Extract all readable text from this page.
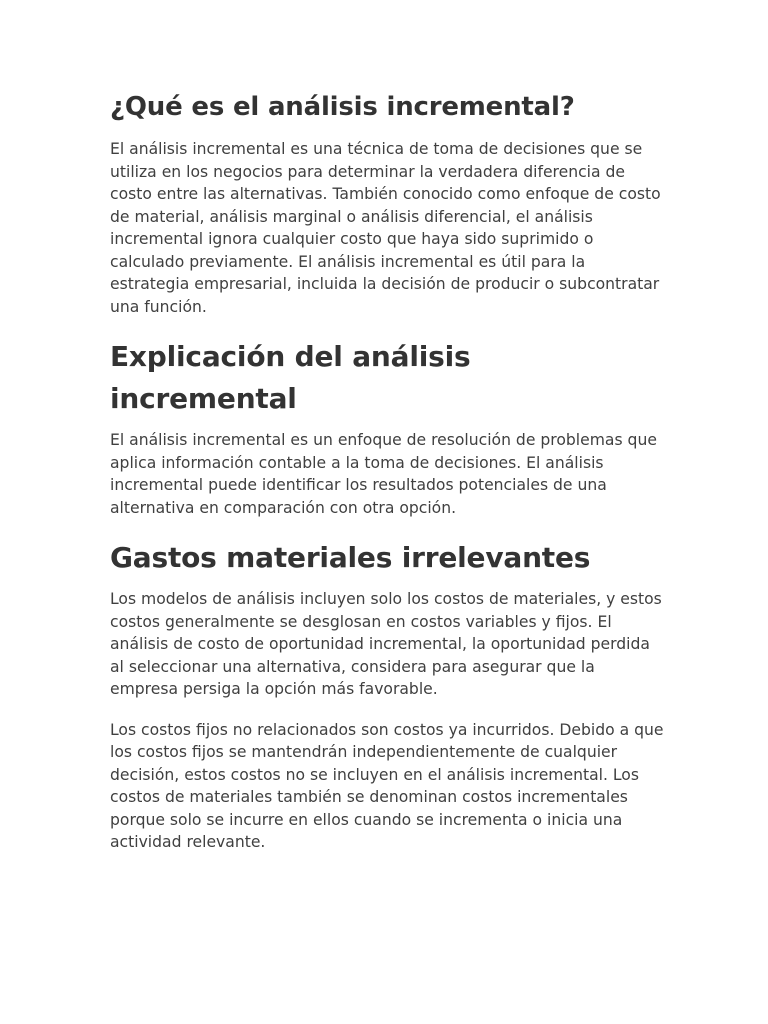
¿Qué es el análisis incremental?

El análisis incremental es una técnica de toma de decisiones que se utiliza en los negocios para determinar la verdadera diferencia de costo entre las alternativas. También conocido como enfoque de costo de material, análisis marginal o análisis diferencial, el análisis incremental ignora cualquier costo que haya sido suprimido o calculado previamente. El análisis incremental es útil para la estrategia empresarial, incluida la decisión de producir o subcontratar una función.

Explicación del análisis incremental

El análisis incremental es un enfoque de resolución de problemas que aplica información contable a la toma de decisiones. El análisis incremental puede identificar los resultados potenciales de una alternativa en comparación con otra opción.

Gastos materiales irrelevantes

Los modelos de análisis incluyen solo los costos de materiales, y estos costos generalmente se desglosan en costos variables y fijos. El análisis de costo de oportunidad incremental, la oportunidad perdida al seleccionar una alternativa, considera para asegurar que la empresa persiga la opción más favorable.

Los costos fijos no relacionados son costos ya incurridos. Debido a que los costos fijos se mantendrán independientemente de cualquier decisión, estos costos no se incluyen en el análisis incremental. Los costos de materiales también se denominan costos incrementales porque solo se incurre en ellos cuando se incrementa o inicia una actividad relevante.
